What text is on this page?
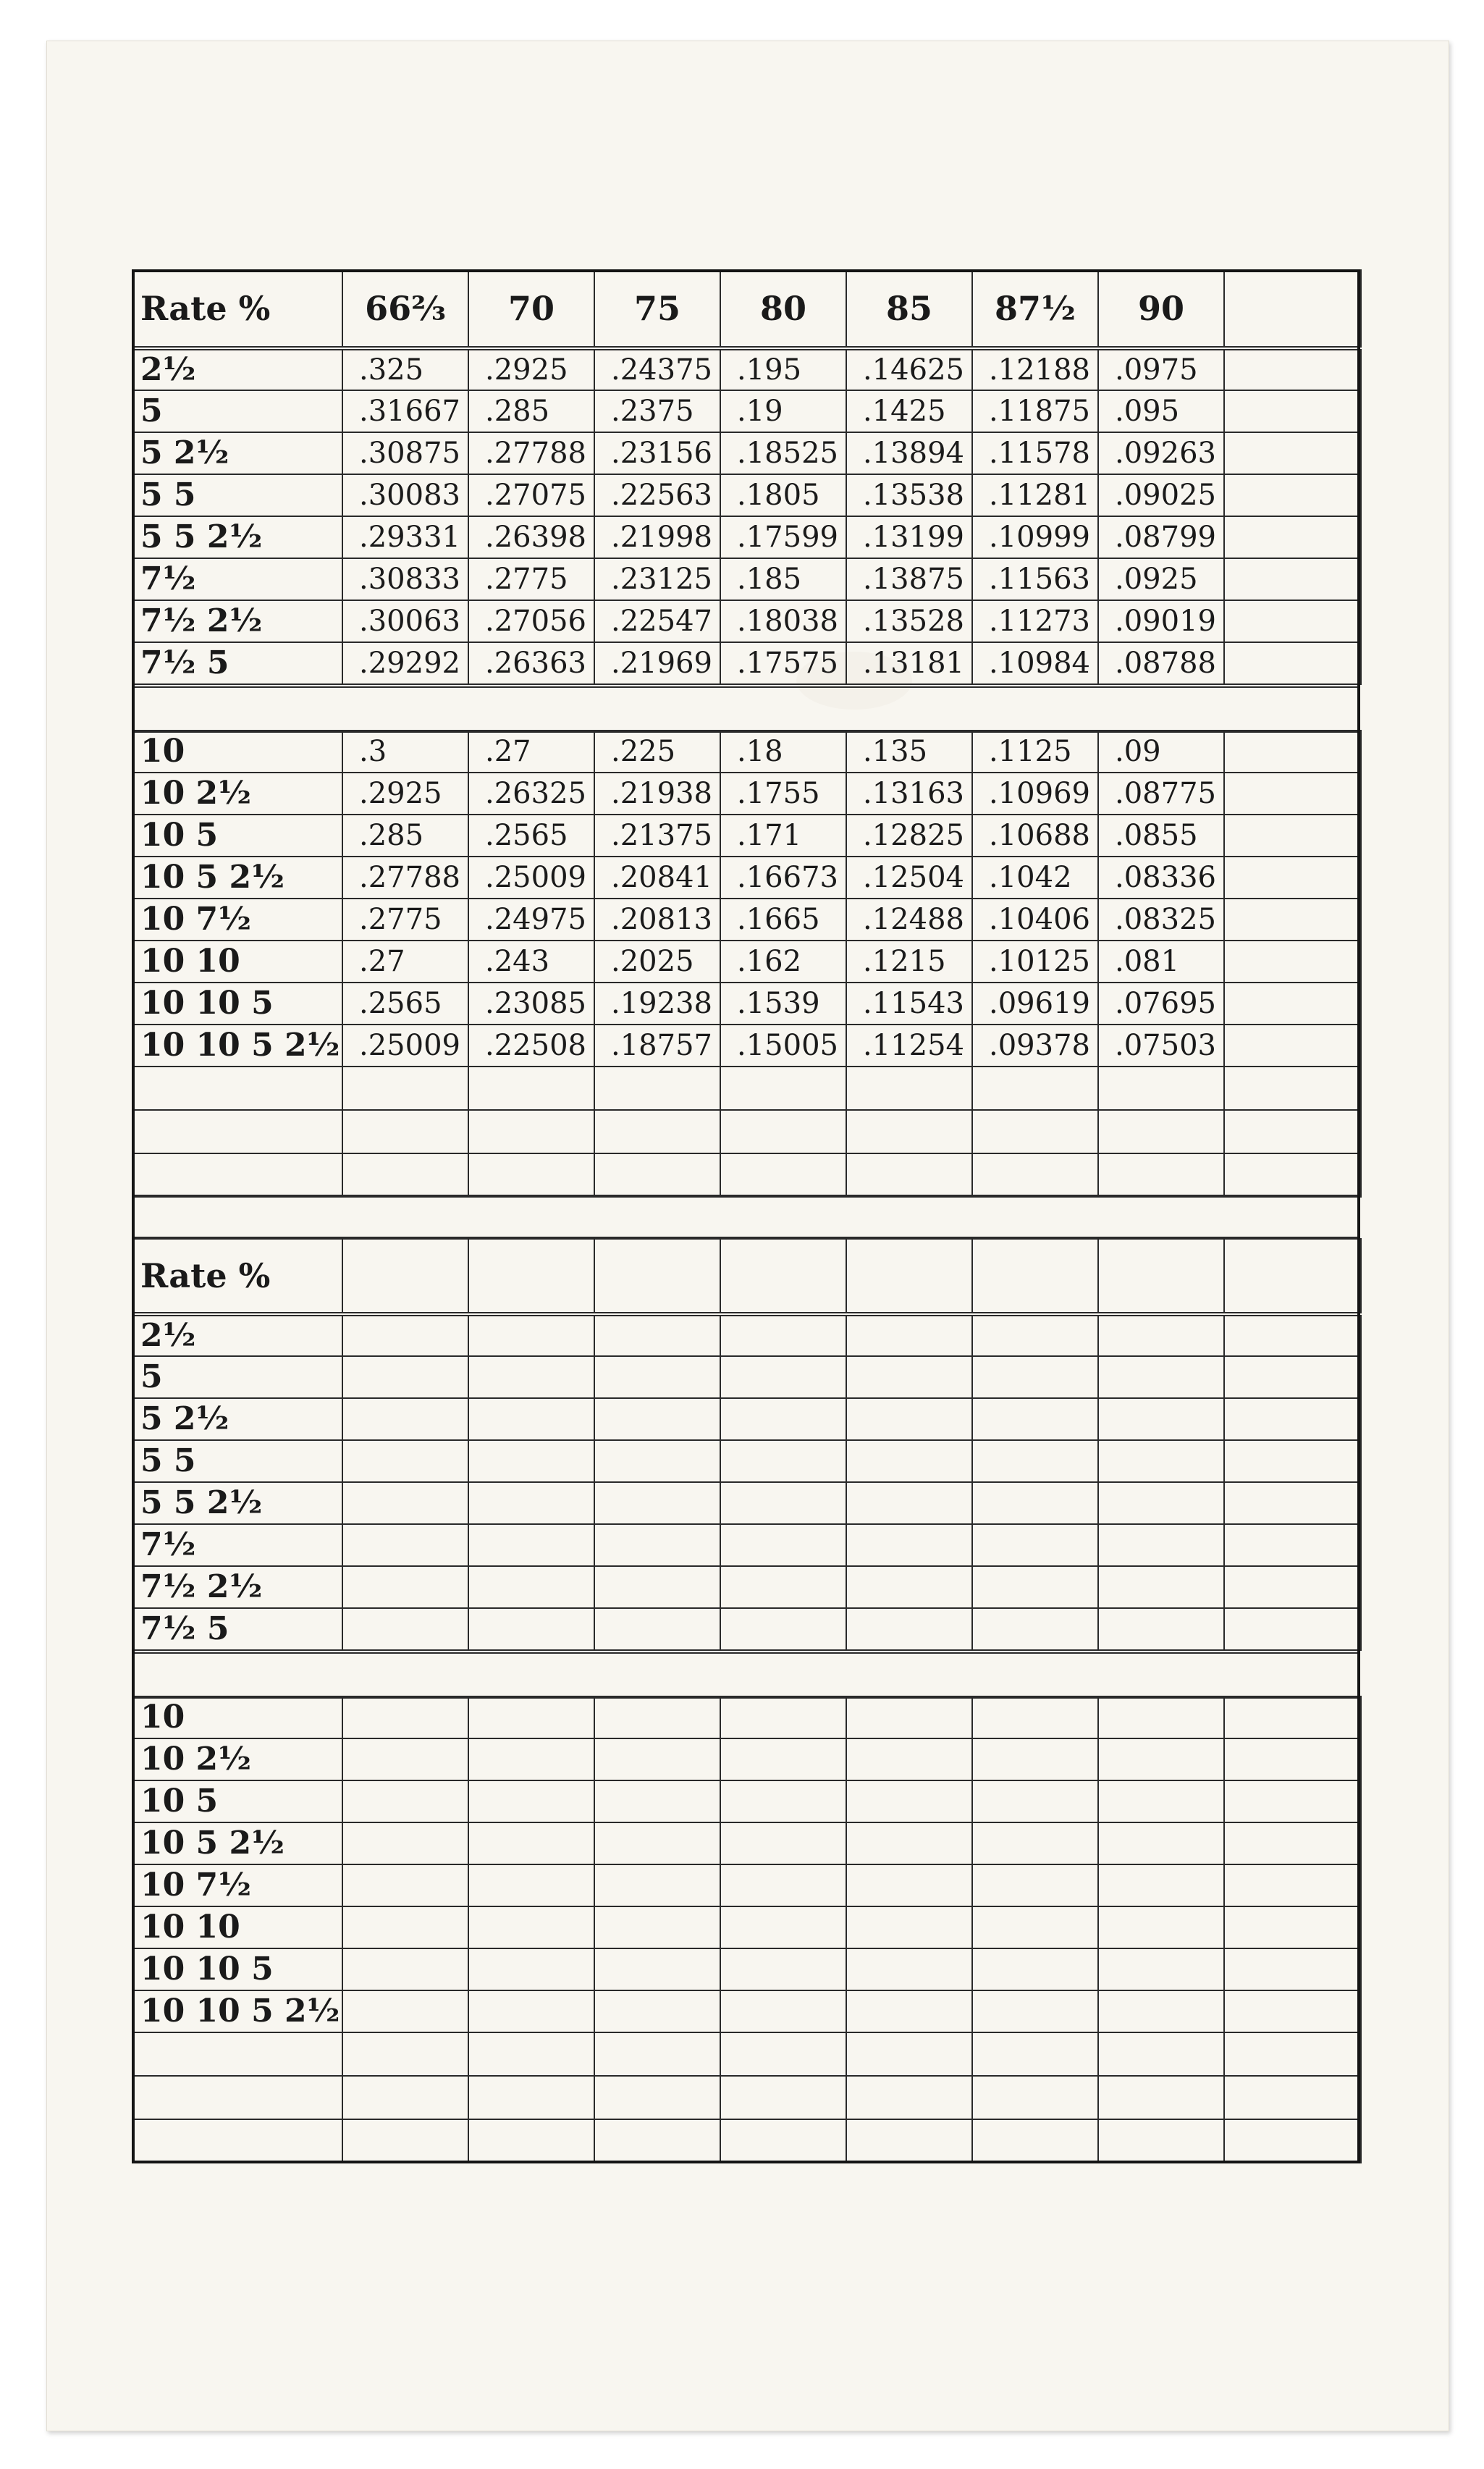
Rate %	66⅔	70	75	80	85	87½	90	
2½	.325	.2925	.24375	.195	.14625	.12188	.0975	
5	.31667	.285	.2375	.19	.1425	.11875	.095	
5 2½	.30875	.27788	.23156	.18525	.13894	.11578	.09263	
5 5	.30083	.27075	.22563	.1805	.13538	.11281	.09025	
5 5 2½	.29331	.26398	.21998	.17599	.13199	.10999	.08799	
7½	.30833	.2775	.23125	.185	.13875	.11563	.0925	
7½ 2½	.30063	.27056	.22547	.18038	.13528	.11273	.09019	
7½ 5	.29292	.26363	.21969	.17575	.13181	.10984	.08788	

10	.3	.27	.225	.18	.135	.1125	.09	
10 2½	.2925	.26325	.21938	.1755	.13163	.10969	.08775	
10 5	.285	.2565	.21375	.171	.12825	.10688	.0855	
10 5 2½	.27788	.25009	.20841	.16673	.12504	.1042	.08336	
10 7½	.2775	.24975	.20813	.1665	.12488	.10406	.08325	
10 10	.27	.243	.2025	.162	.1215	.10125	.081	
10 10 5	.2565	.23085	.19238	.1539	.11543	.09619	.07695	
10 10 5 2½	.25009	.22508	.18757	.15005	.11254	.09378	.07503	

Rate %								
2½								
5								
5 2½								
5 5								
5 5 2½								
7½								
7½ 2½								
7½ 5								

10								
10 2½								
10 5								
10 5 2½								
10 7½								
10 10								
10 10 5								
10 10 5 2½								
